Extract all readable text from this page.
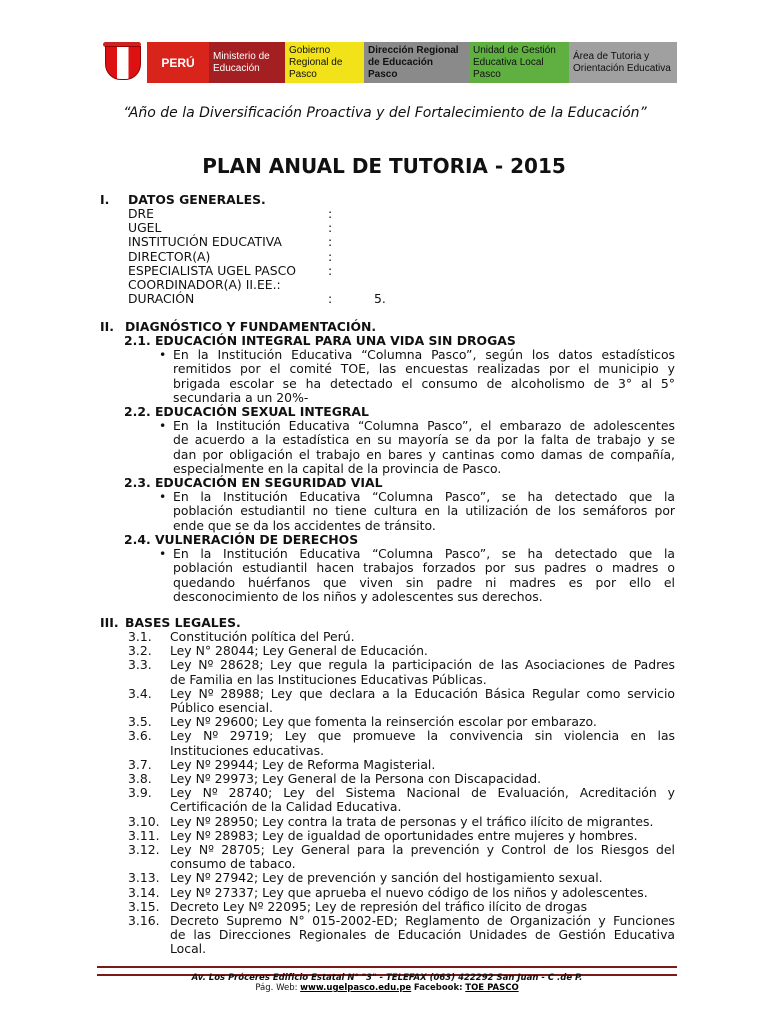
PERÚ	Ministerio de Educación
Gobierno Regional de Pasco
Dirección Regional de Educación Pasco
Unidad de Gestión Educativa Local Pasco
Área de Tutoria y Orientación Educativa
“Año de la Diversificación Proactiva y del Fortalecimiento de la Educación”
PLAN ANUAL DE TUTORIA - 2015
I. DATOS GENERALES.
DRE	:
UGEL	:
INSTITUCIÓN EDUCATIVA	:
DIRECTOR(A)	:
ESPECIALISTA UGEL PASCO	:
COORDINADOR(A) II.EE.:
DURACIÓN	:	5.
II. DIAGNÓSTICO Y FUNDAMENTACIÓN.
2.1. EDUCACIÓN INTEGRAL PARA UNA VIDA SIN DROGAS
• En la Institución Educativa “Columna Pasco”, según los datos estadísticos
remitidos por el comité TOE, las encuestas realizadas por el municipio y
brigada escolar se ha detectado el consumo de alcoholismo de 3° al 5°
secundaria a un 20%-
2.2. EDUCACIÓN SEXUAL INTEGRAL
• En la Institución Educativa “Columna Pasco”, el embarazo de adolescentes
de acuerdo a la estadística en su mayoría se da por la falta de trabajo y se
dan por obligación el trabajo en bares y cantinas como damas de compañía,
especialmente en la capital de la provincia de Pasco.
2.3. EDUCACIÓN EN SEGURIDAD VIAL
• En la Institución Educativa “Columna Pasco”, se ha detectado que la
población estudiantil no tiene cultura en la utilización de los semáforos por
ende que se da los accidentes de tránsito.
2.4. VULNERACIÓN DE DERECHOS
• En la Institución Educativa “Columna Pasco”, se ha detectado que la
población estudiantil hacen trabajos forzados por sus padres o madres o
quedando huérfanos que viven sin padre ni madres es por ello el
desconocimiento de los niños y adolescentes sus derechos.
III. BASES LEGALES.
3.1. Constitución política del Perú.
3.2. Ley N° 28044; Ley General de Educación.
3.3. Ley Nº 28628; Ley que regula la participación de las Asociaciones de Padres
de Familia en las Instituciones Educativas Públicas.
3.4. Ley Nº 28988; Ley que declara a la Educación Básica Regular como servicio
Público esencial.
3.5. Ley Nº 29600; Ley que fomenta la reinserción escolar por embarazo.
3.6. Ley Nº 29719; Ley que promueve la convivencia sin violencia en las
Instituciones educativas.
3.7. Ley Nº 29944; Ley de Reforma Magisterial.
3.8. Ley Nº 29973; Ley General de la Persona con Discapacidad.
3.9. Ley Nº 28740; Ley del Sistema Nacional de Evaluación, Acreditación y
Certificación de la Calidad Educativa.
3.10. Ley Nº 28950; Ley contra la trata de personas y el tráfico ilícito de migrantes.
3.11. Ley Nº 28983; Ley de igualdad de oportunidades entre mujeres y hombres.
3.12. Ley Nº 28705; Ley General para la prevención y Control de los Riesgos del
consumo de tabaco.
3.13. Ley Nº 27942; Ley de prevención y sanción del hostigamiento sexual.
3.14. Ley Nº 27337; Ley que aprueba el nuevo código de los niños y adolescentes.
3.15. Decreto Ley Nº 22095; Ley de represión del tráfico ilícito de drogas
3.16. Decreto Supremo N° 015-2002-ED; Reglamento de Organización y Funciones
de las Direcciones Regionales de Educación Unidades de Gestión Educativa
Local.
Av. Los Próceres Edificio Estatal N° "3" - TELEFAX (063) 422292 San Juan - C .de P.
Pág. Web: www.ugelpasco.edu.pe Facebook: TOE PASCO
